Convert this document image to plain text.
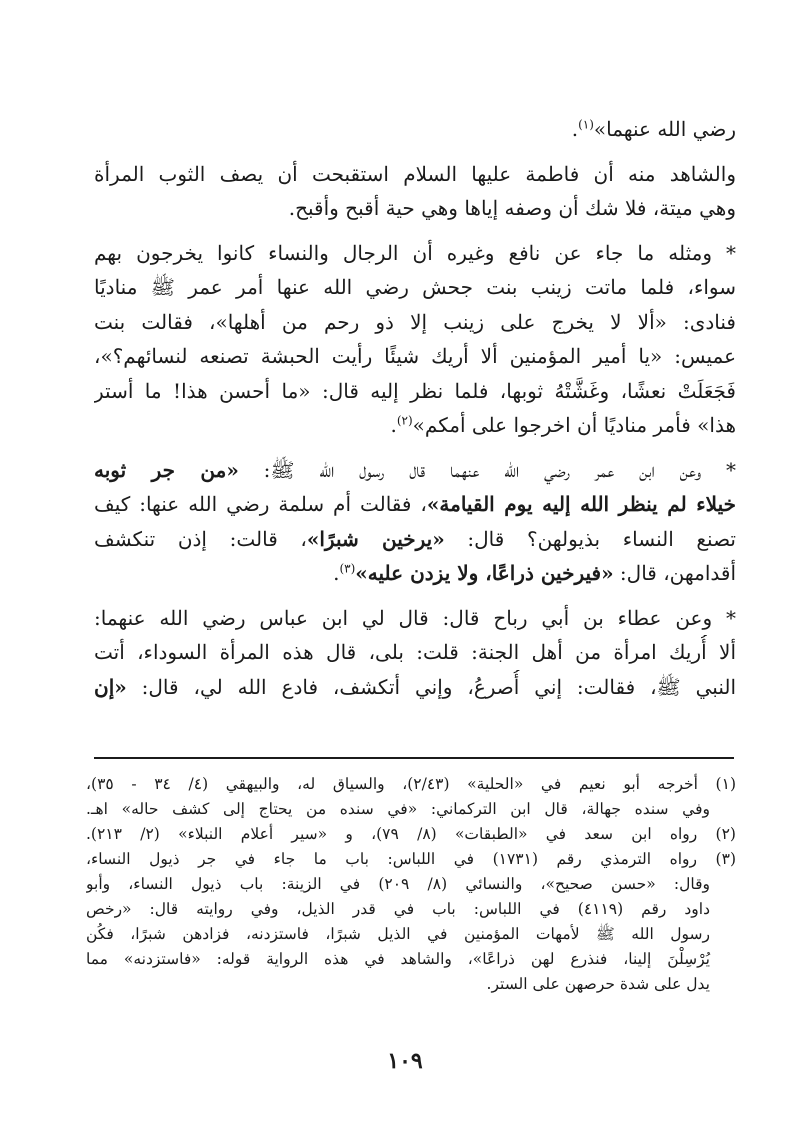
رضي الله عنهما»$^{(١)}$.
والشاهد منه أن فاطمة عليها السلام استقبحت أن يصف الثوب المرأة
وهي ميتة، فلا شك أن وصفه إياها وهي حية أقبح وأقبح.
* ومثله ما جاء عن نافع وغيره أن الرجال والنساء كانوا يخرجون بهم
سواء، فلما ماتت زينب بنت جحش رضي الله عنها أمر عمر ﷺ مناديًا
فنادى: «ألا لا يخرج على زينب إلا ذو رحم من أهلها»، فقالت بنت
عميس: «يا أمير المؤمنين ألا أريك شيئًا رأيت الحبشة تصنعه لنسائهم؟»،
فَجَعَلَتْ نعشًا، وغَشَّتْهُ ثوبها، فلما نظر إليه قال: «ما أحسن هذا! ما أستر
هذا» فأمر مناديًا أن اخرجوا على أمكم»$^{(٢)}$.
* وعن ابن عمر رضي الله عنهما قال رسول الله ﷺ: «من جر ثوبه
خيلاء لم ينظر الله إليه يوم القيامة»، فقالت أم سلمة رضي الله عنها: كيف
تصنع النساء بذيولهن؟ قال: «يرخين شبرًا»، قالت: إذن تنكشف
أقدامهن، قال: «فيرخين ذراعًا، ولا يزدن عليه»$^{(٣)}$.
* وعن عطاء بن أبي رباح قال: قال لي ابن عباس رضي الله عنهما:
ألا أُريك امرأة من أهل الجنة: قلت: بلى، قال هذه المرأة السوداء، أتت
النبي ﷺ، فقالت: إني أُصرعُ، وإني أتكشف، فادع الله لي، قال: «إن
(١) أخرجه أبو نعيم في «الحلية» (٢/٤٣)، والسياق له، والبيهقي (٤/ ٣٤ - ٣٥)،
وفي سنده جهالة، قال ابن التركماني: «في سنده من يحتاج إلى كشف حاله» اهـ.
(٢) رواه ابن سعد في «الطبقات» (٨/ ٧٩)، و «سير أعلام النبلاء» (٢/ ٢١٣).
(٣) رواه الترمذي رقم (١٧٣١) في اللباس: باب ما جاء في جر ذيول النساء،
وقال: «حسن صحيح»، والنسائي (٨/ ٢٠٩) في الزينة: باب ذيول النساء، وأبو
داود رقم (٤١١٩) في اللباس: باب في قدر الذيل، وفي روايته قال: «رخص
رسول الله ﷺ لأمهات المؤمنين في الذيل شبرًا، فاستزدنه، فزادهن شبرًا، فكُن
يُرْسِلْنَ إلينا، فنذرع لهن ذراعًا»، والشاهد في هذه الرواية قوله: «فاستزدنه» مما
يدل على شدة حرصهن على الستر.
١٠٩
